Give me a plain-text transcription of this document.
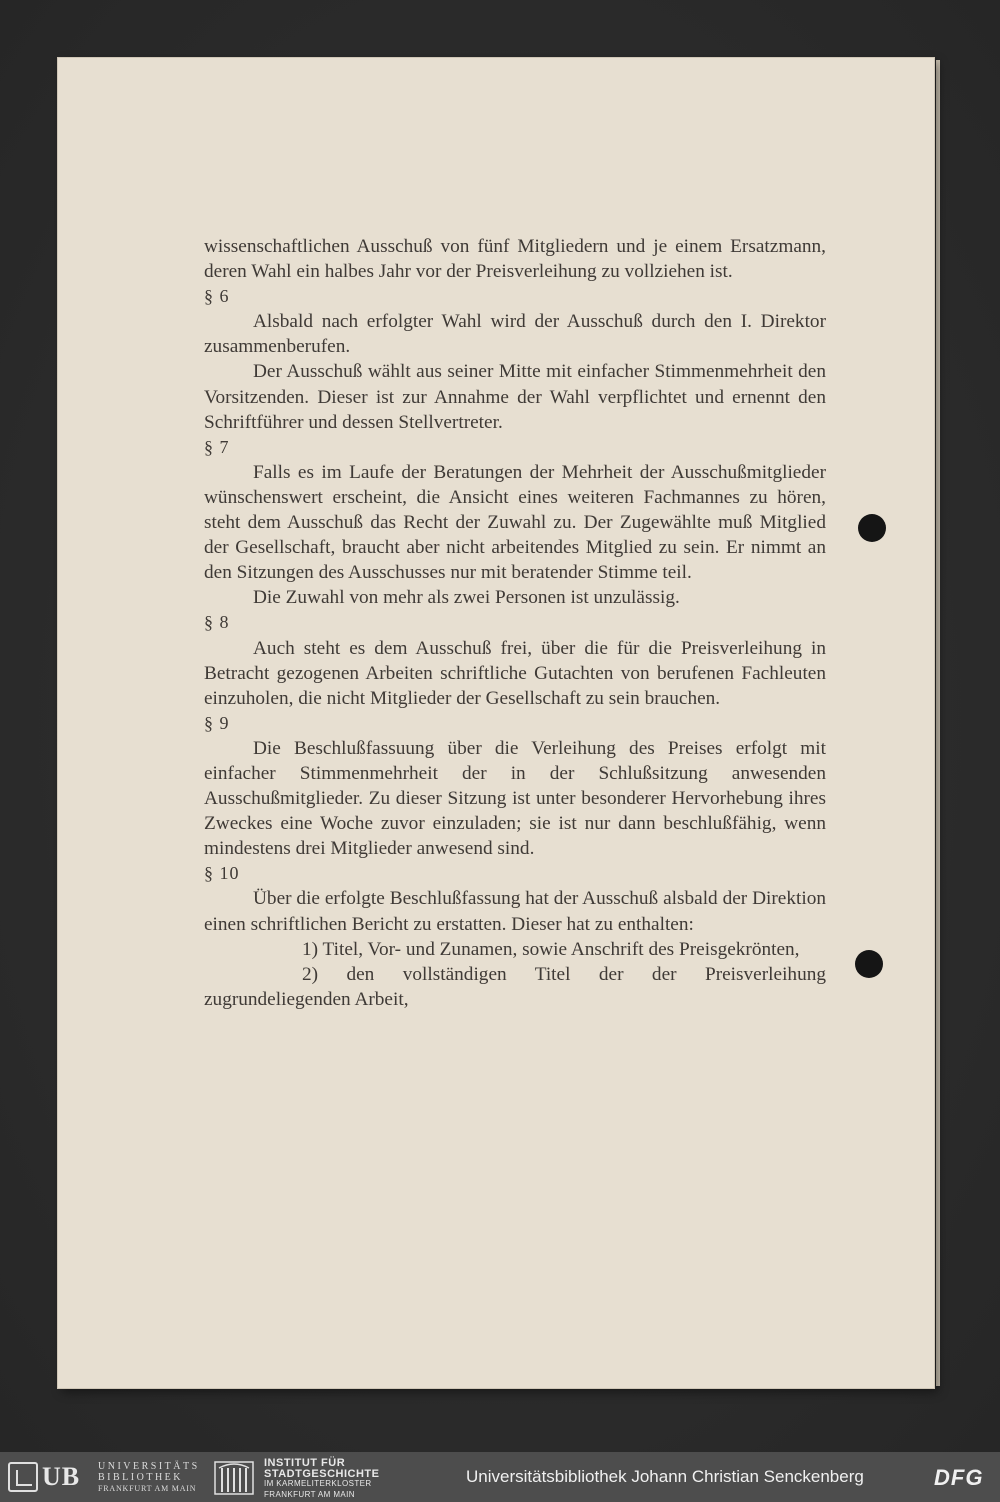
wissenschaftlichen Ausschuß von fünf Mitgliedern und je einem Ersatzmann, deren Wahl ein halbes Jahr vor der Preisverleihung zu vollziehen ist.

§ 6

Alsbald nach erfolgter Wahl wird der Ausschuß durch den I. Direktor zusammenberufen.

Der Ausschuß wählt aus seiner Mitte mit einfacher Stimmenmehrheit den Vorsitzenden. Dieser ist zur Annahme der Wahl verpflichtet und ernennt den Schriftführer und dessen Stellvertreter.

§ 7

Falls es im Laufe der Beratungen der Mehrheit der Ausschußmitglieder wünschenswert erscheint, die Ansicht eines weiteren Fachmannes zu hören, steht dem Ausschuß das Recht der Zuwahl zu. Der Zugewählte muß Mitglied der Gesellschaft, braucht aber nicht arbeitendes Mitglied zu sein. Er nimmt an den Sitzungen des Ausschusses nur mit beratender Stimme teil.

Die Zuwahl von mehr als zwei Personen ist unzulässig.

§ 8

Auch steht es dem Ausschuß frei, über die für die Preisverleihung in Betracht gezogenen Arbeiten schriftliche Gutachten von berufenen Fachleuten einzuholen, die nicht Mitglieder der Gesellschaft zu sein brauchen.

§ 9

Die Beschlußfassuung über die Verleihung des Preises erfolgt mit einfacher Stimmenmehrheit der in der Schlußsitzung anwesenden Ausschußmitglieder. Zu dieser Sitzung ist unter besonderer Hervorhebung ihres Zweckes eine Woche zuvor einzuladen; sie ist nur dann beschlußfähig, wenn mindestens drei Mitglieder anwesend sind.

§ 10

Über die erfolgte Beschlußfassung hat der Ausschuß alsbald der Direktion einen schriftlichen Bericht zu erstatten. Dieser hat zu enthalten:

1) Titel, Vor- und Zunamen, sowie Anschrift des Preisgekrönten,

2) den vollständigen Titel der der Preisverleihung zugrundeliegenden Arbeit,

UB UNIVERSITÄTS
BIBLIOTHEK
FRANKFURT AM MAIN
INSTITUT FÜR
STADTGESCHICHTE
IM KARMELITERKLOSTER
FRANKFURT AM MAIN
Universitätsbibliothek Johann Christian Senckenberg	DFG
